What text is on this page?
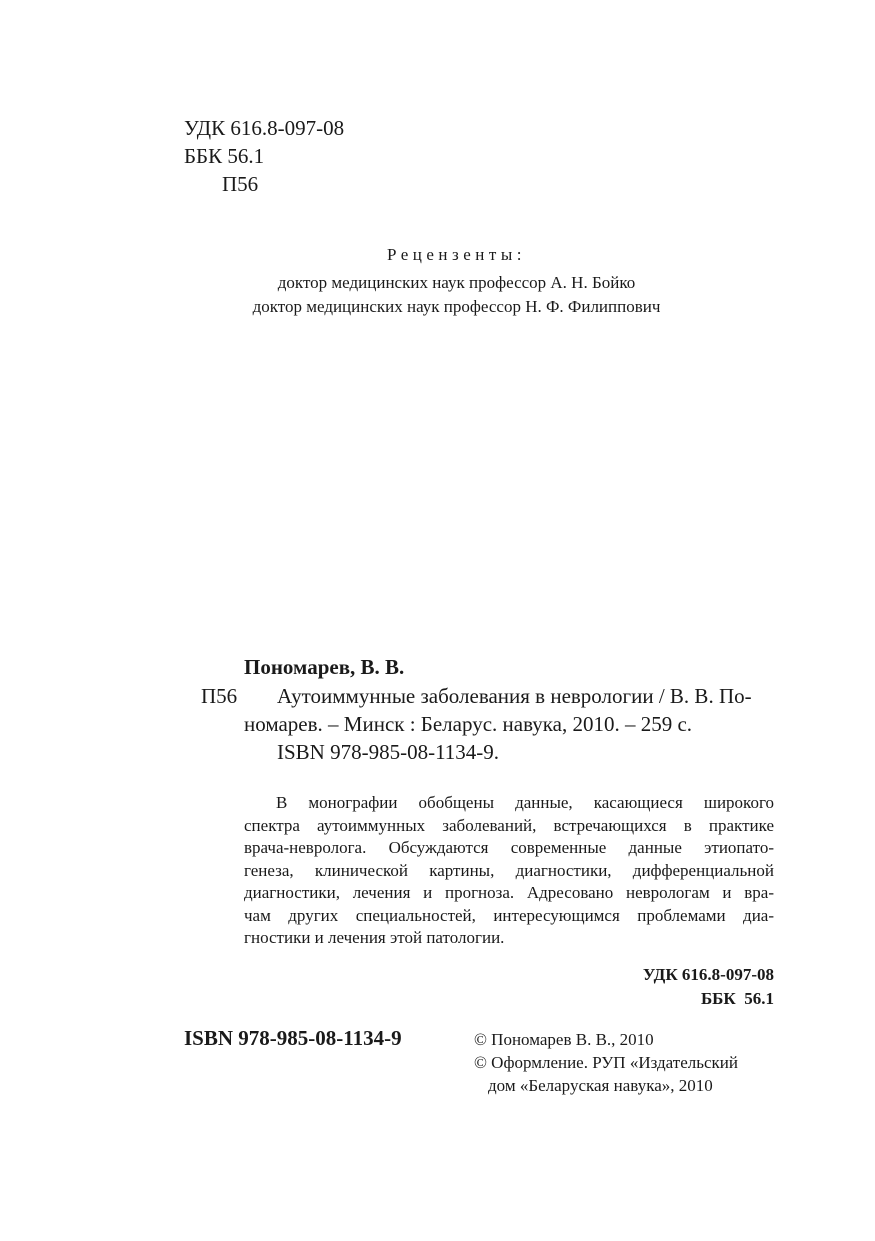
УДК 616.8-097-08
ББК 56.1
П56
Рецензенты:
доктор медицинских наук профессор А. Н. Бойко
доктор медицинских наук профессор Н. Ф. Филиппович
Пономарев, В. В.
П56 Аутоиммунные заболевания в неврологии / В. В. По-
номарев. – Минск : Беларус. навука, 2010. – 259 с.
ISBN 978-985-08-1134-9.
В монографии обобщены данные, касающиеся широкого
спектра аутоиммунных заболеваний, встречающихся в практике
врача-невролога. Обсуждаются современные данные этиопато-
генеза, клинической картины, диагностики, дифференциальной
диагностики, лечения и прогноза. Адресовано неврологам и вра-
чам других специальностей, интересующимся проблемами диа-
гностики и лечения этой патологии.
УДК 616.8-097-08
ББК  56.1
ISBN 978-985-08-1134-9	© Пономарев В. В., 2010
© Оформление. РУП «Издательский
дом «Беларуская навука», 2010
